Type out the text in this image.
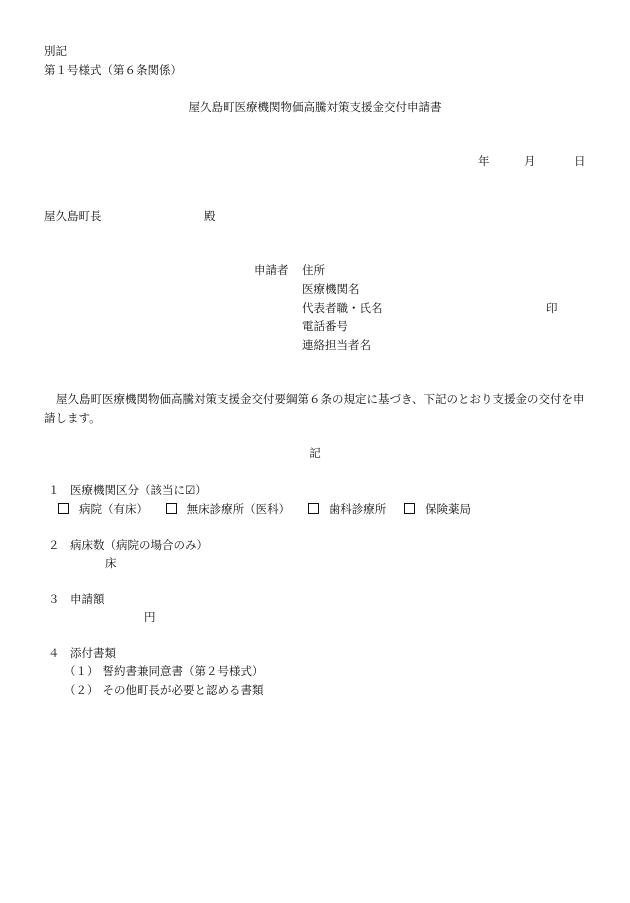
別記
第１号様式（第６条関係）
屋久島町医療機関物価高騰対策支援金交付申請書
年	月	日
屋久島町長	殿
申請者 住所
医療機関名
代表者職・氏名	印
電話番号
連絡担当者名
屋久島町医療機関物価高騰対策支援金交付要綱第６条の規定に基づき、下記のとおり支援金の交付を申請します。
記
１ 医療機関区分（該当に☑）
病院（有床）	無床診療所（医科）	歯科診療所	保険薬局
２ 病床数（病院の場合のみ）
床
３ 申請額
円
４ 添付書類
（１） 誓約書兼同意書（第２号様式）
（２） その他町長が必要と認める書類
